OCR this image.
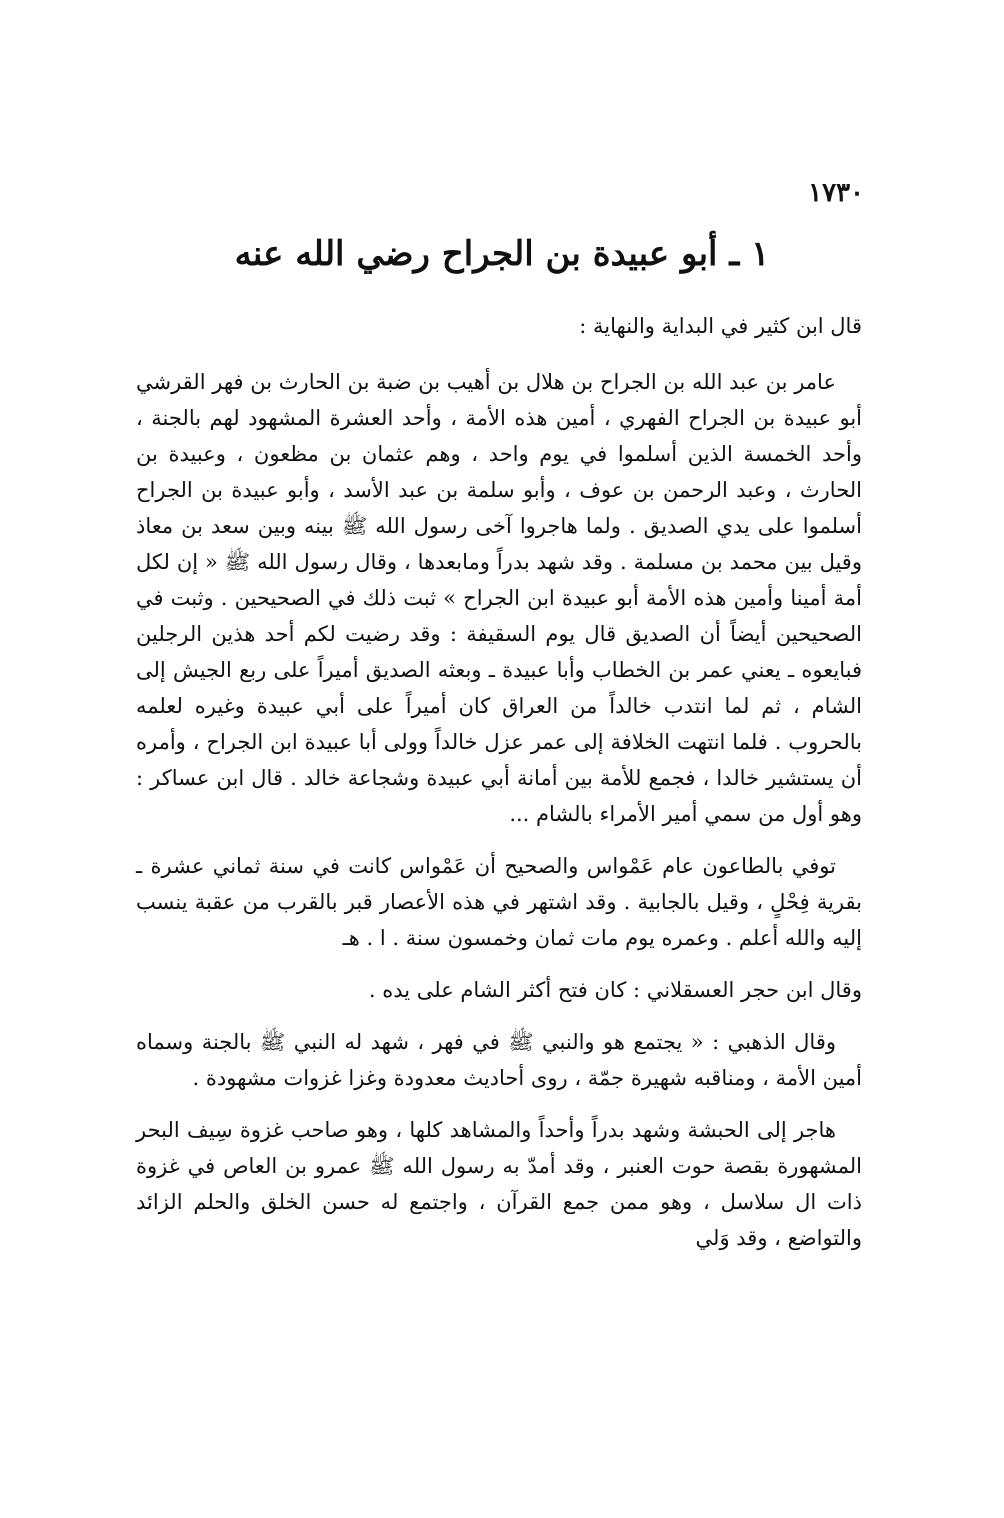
١٧٣٠
١ ـ أبو عبيدة بن الجراح رضي الله عنه

قال ابن كثير في البداية والنهاية :

عامر بن عبد الله بن الجراح بن هلال بن أهيب بن ضبة بن الحارث بن فهر القرشي أبو عبيدة بن الجراح الفهري ، أمين هذه الأمة ، وأحد العشرة المشهود لهم بالجنة ، وأحد الخمسة الذين أسلموا في يوم واحد ، وهم عثمان بن مظعون ، وعبيدة بن الحارث ، وعبد الرحمن بن عوف ، وأبو سلمة بن عبد الأسد ، وأبو عبيدة بن الجراح أسلموا على يدي الصديق . ولما هاجروا آخى رسول الله ﷺ بينه وبين سعد بن معاذ وقيل بين محمد بن مسلمة . وقد شهد بدراً ومابعدها ، وقال رسول الله ﷺ « إن لكل أمة أمينا وأمين هذه الأمة أبو عبيدة ابن الجراح » ثبت ذلك في الصحيحين . وثبت في الصحيحين أيضاً أن الصديق قال يوم السقيفة : وقد رضيت لكم أحد هذين الرجلين فبايعوه ـ يعني عمر بن الخطاب وأبا عبيدة ـ وبعثه الصديق أميراً على ربع الجيش إلى الشام ، ثم لما انتدب خالداً من العراق كان أميراً على أبي عبيدة وغيره لعلمه بالحروب . فلما انتهت الخلافة إلى عمر عزل خالداً وولى أبا عبيدة ابن الجراح ، وأمره أن يستشير خالدا ، فجمع للأمة بين أمانة أبي عبيدة وشجاعة خالد . قال ابن عساكر : وهو أول من سمي أمير الأمراء بالشام ...

توفي بالطاعون عام عَمْواس والصحيح أن عَمْواس كانت في سنة ثماني عشرة ـ بقرية فِحْلٍ ، وقيل بالجابية . وقد اشتهر في هذه الأعصار قبر بالقرب من عقبة ينسب إليه والله أعلم . وعمره يوم مات ثمان وخمسون سنة . ا . هـ

وقال ابن حجر العسقلاني : كان فتح أكثر الشام على يده .

وقال الذهبي : « يجتمع هو والنبي ﷺ في فهر ، شهد له النبي ﷺ بالجنة وسماه أمين الأمة ، ومناقبه شهيرة جمّة ، روى أحاديث معدودة وغزا غزوات مشهودة .

هاجر إلى الحبشة وشهد بدراً وأحداً والمشاهد كلها ، وهو صاحب غزوة سِيف البحر المشهورة بقصة حوت العنبر ، وقد أمدّ به رسول الله ﷺ عمرو بن العاص في غزوة ذات ال سلاسل ، وهو ممن جمع القرآن ، واجتمع له حسن الخلق والحلم الزائد والتواضع ، وقد وَلي
